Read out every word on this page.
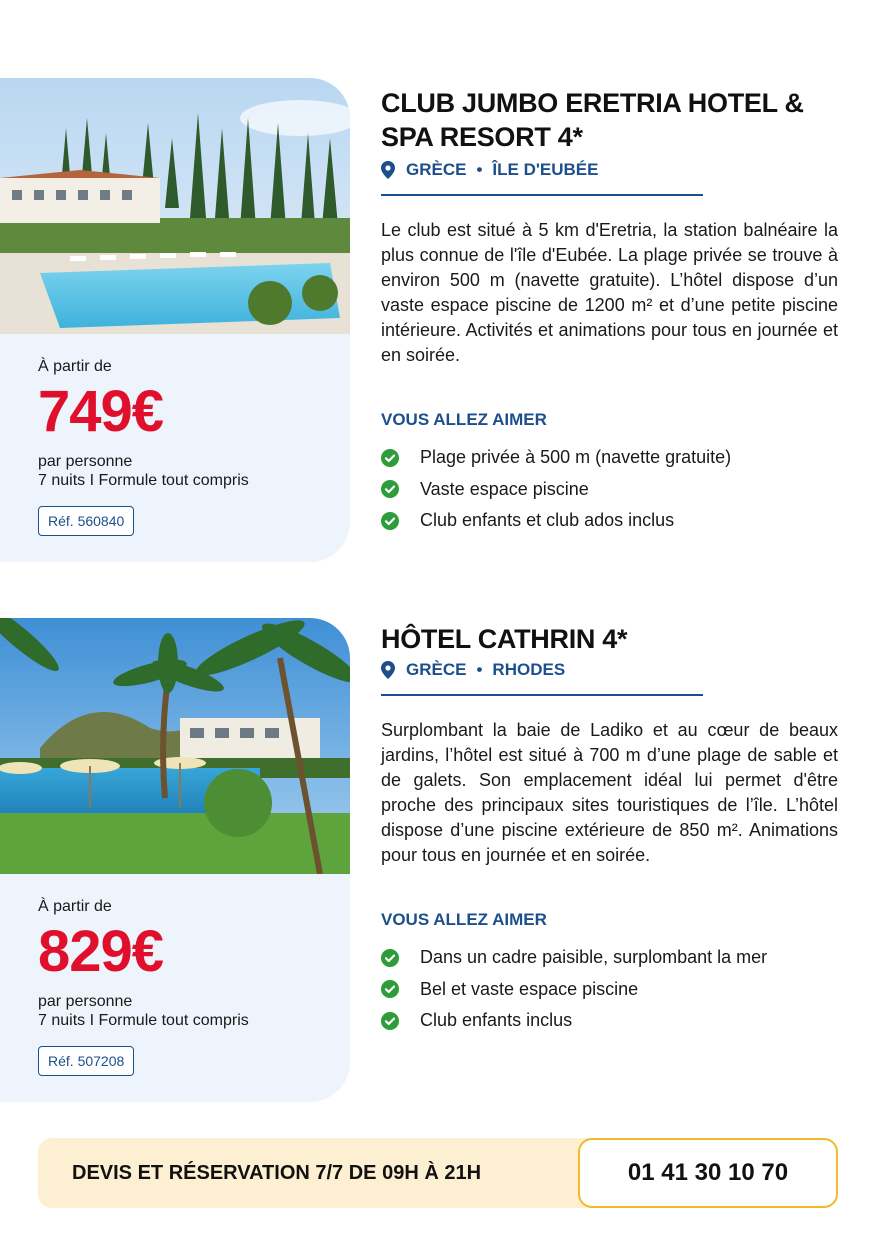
À partir de
749€
par personne
7 nuits I Formule tout compris
Réf. 560840
CLUB JUMBO ERETRIA HOTEL &
SPA RESORT 4*
GRÈCE • ÎLE D'EUBÉE

Le club est situé à 5 km d'Eretria, la station balnéaire la plus connue de l'île d'Eubée. La plage privée se trouve à environ 500 m (navette gratuite). L’hôtel dispose d’un vaste espace piscine de 1200 m² et d’une petite piscine intérieure. Activités et animations pour tous en journée et en soirée.

VOUS ALLEZ AIMER
Plage privée à 500 m (navette gratuite)
Vaste espace piscine
Club enfants et club ados inclus
À partir de
829€
par personne
7 nuits I Formule tout compris
Réf. 507208
HÔTEL CATHRIN 4*
GRÈCE • RHODES

Surplombant la baie de Ladiko et au cœur de beaux jardins, l’hôtel est situé à 700 m d’une plage de sable et de galets. Son emplacement idéal lui permet d'être proche des principaux sites touristiques de l’île. L’hôtel dispose d’une piscine extérieure de 850 m². Animations pour tous en journée et en soirée.

VOUS ALLEZ AIMER
Dans un cadre paisible, surplombant la mer
Bel et vaste espace piscine
Club enfants inclus
DEVIS ET RÉSERVATION 7/7 DE 09H À 21H	01 41 30 10 70
